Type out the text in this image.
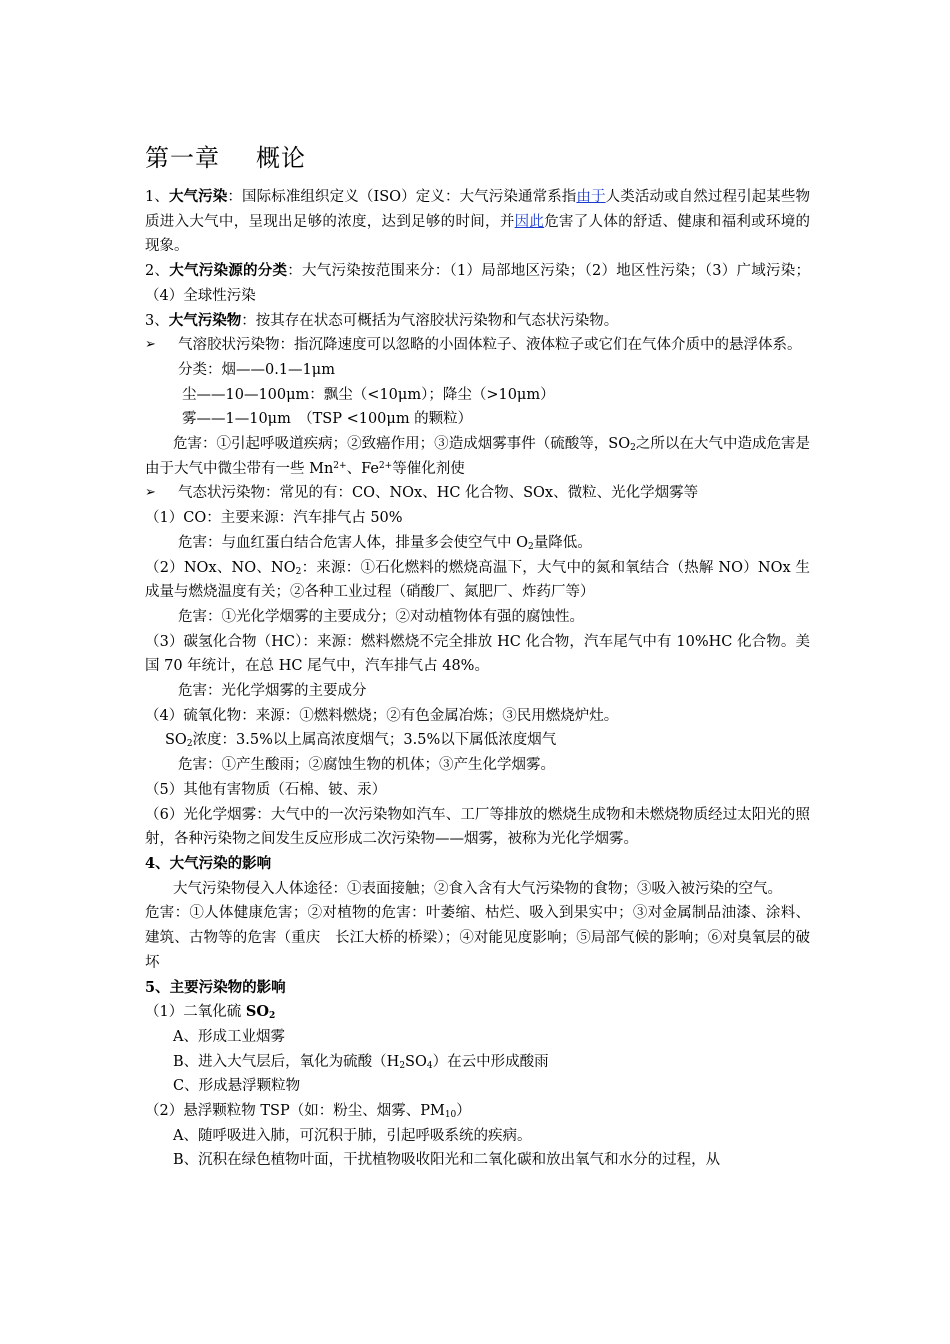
第一章 概论

1、大气污染：国际标准组织定义（ISO）定义：大气污染通常系指由于人类活动或自然过程引起某些物质进入大气中，呈现出足够的浓度，达到足够的时间，并因此危害了人体的舒适、健康和福利或环境的现象。

2、大气污染源的分类：大气污染按范围来分：（1）局部地区污染；（2）地区性污染；（3）广域污染；（4）全球性污染

3、大气污染物：按其存在状态可概括为气溶胶状污染物和气态状污染物。

➢ 气溶胶状污染物：指沉降速度可以忽略的小固体粒子、液体粒子或它们在气体介质中的悬浮体系。

分类：烟——0.1—1μm

尘——10—100μm：飘尘（<10μm）；降尘（>10μm）

雾——1—10μm　（TSP <100μm 的颗粒）

危害：①引起呼吸道疾病；②致癌作用；③造成烟雾事件（硫酸等，$SO_2$之所以在大气中造成危害是由于大气中微尘带有一些 $Mn^{2+}$、$Fe^{2+}$等催化剂使

➢ 气态状污染物：常见的有：CO、NOx、HC 化合物、SOx、微粒、光化学烟雾等

（1）CO：主要来源：汽车排气占 50%

危害：与血红蛋白结合危害人体，排量多会使空气中 $O_2$量降低。

（2）NOx、NO、$NO_2$：来源：①石化燃料的燃烧高温下，大气中的氮和氧结合（热解 NO）NOx 生成量与燃烧温度有关；②各种工业过程（硝酸厂、氮肥厂、炸药厂等）

危害：①光化学烟雾的主要成分；②对动植物体有强的腐蚀性。

（3）碳氢化合物（HC）：来源：燃料燃烧不完全排放 HC 化合物，汽车尾气中有 10%HC 化合物。美国 70 年统计，在总 HC 尾气中，汽车排气占 48%。

危害：光化学烟雾的主要成分

（4）硫氧化物：来源：①燃料燃烧；②有色金属冶炼；③民用燃烧炉灶。

$SO_2$浓度：3.5%以上属高浓度烟气；3.5%以下属低浓度烟气

危害：①产生酸雨；②腐蚀生物的机体；③产生化学烟雾。

（5）其他有害物质（石棉、铍、汞）

（6）光化学烟雾：大气中的一次污染物如汽车、工厂等排放的燃烧生成物和未燃烧物质经过太阳光的照射，各种污染物之间发生反应形成二次污染物——烟雾，被称为光化学烟雾。

4、大气污染的影响

大气污染物侵入人体途径：①表面接触；②食入含有大气污染物的食物；③吸入被污染的空气。

危害：①人体健康危害；②对植物的危害：叶萎缩、枯烂、吸入到果实中；③对金属制品油漆、涂料、建筑、古物等的危害（重庆　长江大桥的桥梁）；④对能见度影响；⑤局部气候的影响；⑥对臭氧层的破坏

5、主要污染物的影响

（1）二氧化硫 $SO_2$

A、形成工业烟雾

B、进入大气层后，氧化为硫酸$(H_2SO_4)$在云中形成酸雨

C、形成悬浮颗粒物

（2）悬浮颗粒物 TSP（如：粉尘、烟雾、$PM_{10}$）

A、随呼吸进入肺，可沉积于肺，引起呼吸系统的疾病。

B、沉积在绿色植物叶面，干扰植物吸收阳光和二氧化碳和放出氧气和水分的过程，从
